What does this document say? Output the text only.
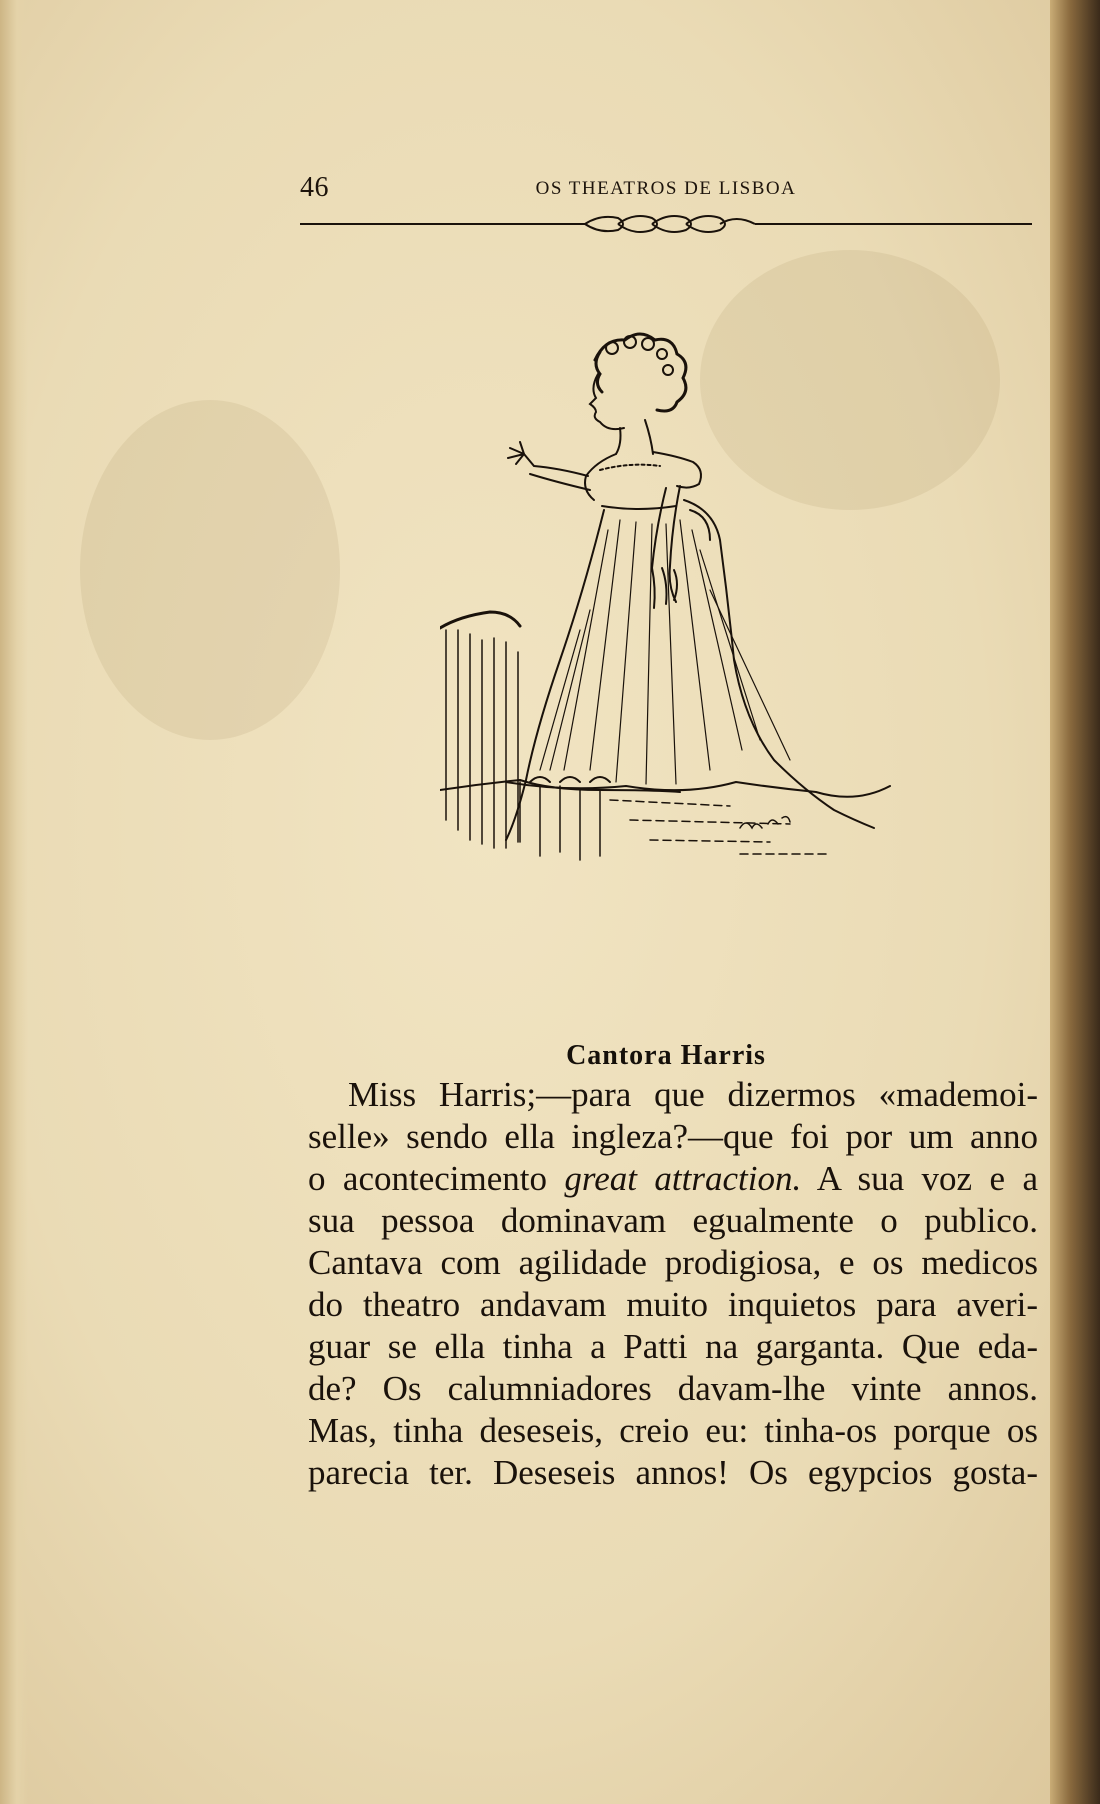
46	OS THEATROS DE LISBOA
Cantora Harris
Miss Harris;—para que dizermos «mademoi-
selle» sendo ella ingleza?—que foi por um anno
o acontecimento great attraction. A sua voz e a
sua pessoa dominavam egualmente o publico.
Cantava com agilidade prodigiosa, e os medicos
do theatro andavam muito inquietos para averi-
guar se ella tinha a Patti na garganta. Que eda-
de? Os calumniadores davam-lhe vinte annos.
Mas, tinha deseseis, creio eu: tinha-os porque os
parecia ter. Deseseis annos! Os egypcios gosta-
